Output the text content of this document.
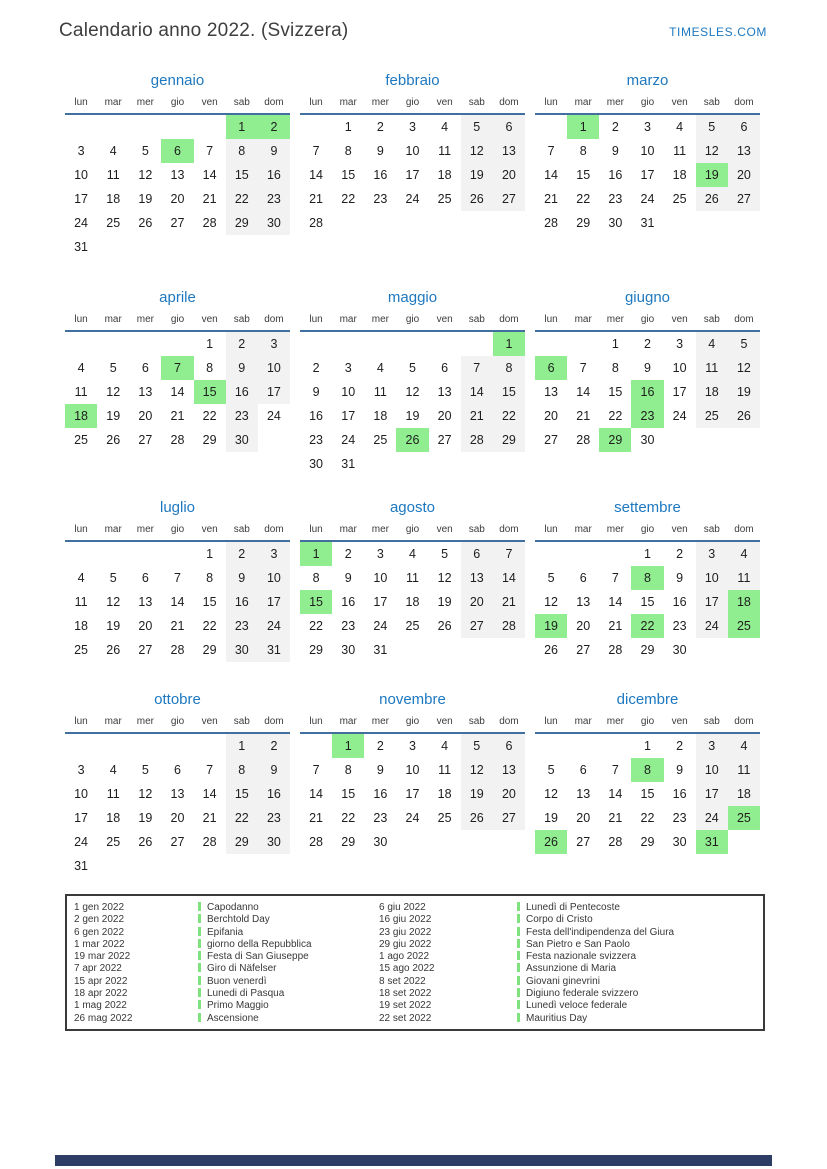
Calendario anno 2022. (Svizzera)	TIMESLES.COM
gennaio
lun	mar	mer	gio	ven	sab	dom
					1	2
3	4	5	6	7	8	9
10	11	12	13	14	15	16
17	18	19	20	21	22	23
24	25	26	27	28	29	30
31						
febbraio
lun	mar	mer	gio	ven	sab	dom
	1	2	3	4	5	6
7	8	9	10	11	12	13
14	15	16	17	18	19	20
21	22	23	24	25	26	27
28						
marzo
lun	mar	mer	gio	ven	sab	dom
	1	2	3	4	5	6
7	8	9	10	11	12	13
14	15	16	17	18	19	20
21	22	23	24	25	26	27
28	29	30	31			
aprile
lun	mar	mer	gio	ven	sab	dom
				1	2	3
4	5	6	7	8	9	10
11	12	13	14	15	16	17
18	19	20	21	22	23	24
25	26	27	28	29	30	
maggio
lun	mar	mer	gio	ven	sab	dom
						1
2	3	4	5	6	7	8
9	10	11	12	13	14	15
16	17	18	19	20	21	22
23	24	25	26	27	28	29
30	31					
giugno
lun	mar	mer	gio	ven	sab	dom
		1	2	3	4	5
6	7	8	9	10	11	12
13	14	15	16	17	18	19
20	21	22	23	24	25	26
27	28	29	30			
luglio
lun	mar	mer	gio	ven	sab	dom
				1	2	3
4	5	6	7	8	9	10
11	12	13	14	15	16	17
18	19	20	21	22	23	24
25	26	27	28	29	30	31
agosto
lun	mar	mer	gio	ven	sab	dom
1	2	3	4	5	6	7
8	9	10	11	12	13	14
15	16	17	18	19	20	21
22	23	24	25	26	27	28
29	30	31				
settembre
lun	mar	mer	gio	ven	sab	dom
			1	2	3	4
5	6	7	8	9	10	11
12	13	14	15	16	17	18
19	20	21	22	23	24	25
26	27	28	29	30		
ottobre
lun	mar	mer	gio	ven	sab	dom
					1	2
3	4	5	6	7	8	9
10	11	12	13	14	15	16
17	18	19	20	21	22	23
24	25	26	27	28	29	30
31						
novembre
lun	mar	mer	gio	ven	sab	dom
	1	2	3	4	5	6
7	8	9	10	11	12	13
14	15	16	17	18	19	20
21	22	23	24	25	26	27
28	29	30				
dicembre
lun	mar	mer	gio	ven	sab	dom
			1	2	3	4
5	6	7	8	9	10	11
12	13	14	15	16	17	18
19	20	21	22	23	24	25
26	27	28	29	30	31	
1 gen 2022	Capodanno	6 giu 2022	Lunedì di Pentecoste
2 gen 2022	Berchtold Day	16 giu 2022	Corpo di Cristo
6 gen 2022	Epifania	23 giu 2022	Festa dell'indipendenza del Giura
1 mar 2022	giorno della Repubblica	29 giu 2022	San Pietro e San Paolo
19 mar 2022	Festa di San Giuseppe	1 ago 2022	Festa nazionale svizzera
7 apr 2022	Giro di Näfelser	15 ago 2022	Assunzione di Maria
15 apr 2022	Buon venerdì	8 set 2022	Giovani ginevrini
18 apr 2022	Lunedi di Pasqua	18 set 2022	Digiuno federale svizzero
1 mag 2022	Primo Maggio	19 set 2022	Lunedì veloce federale
26 mag 2022	Ascensione	22 set 2022	Mauritius Day
